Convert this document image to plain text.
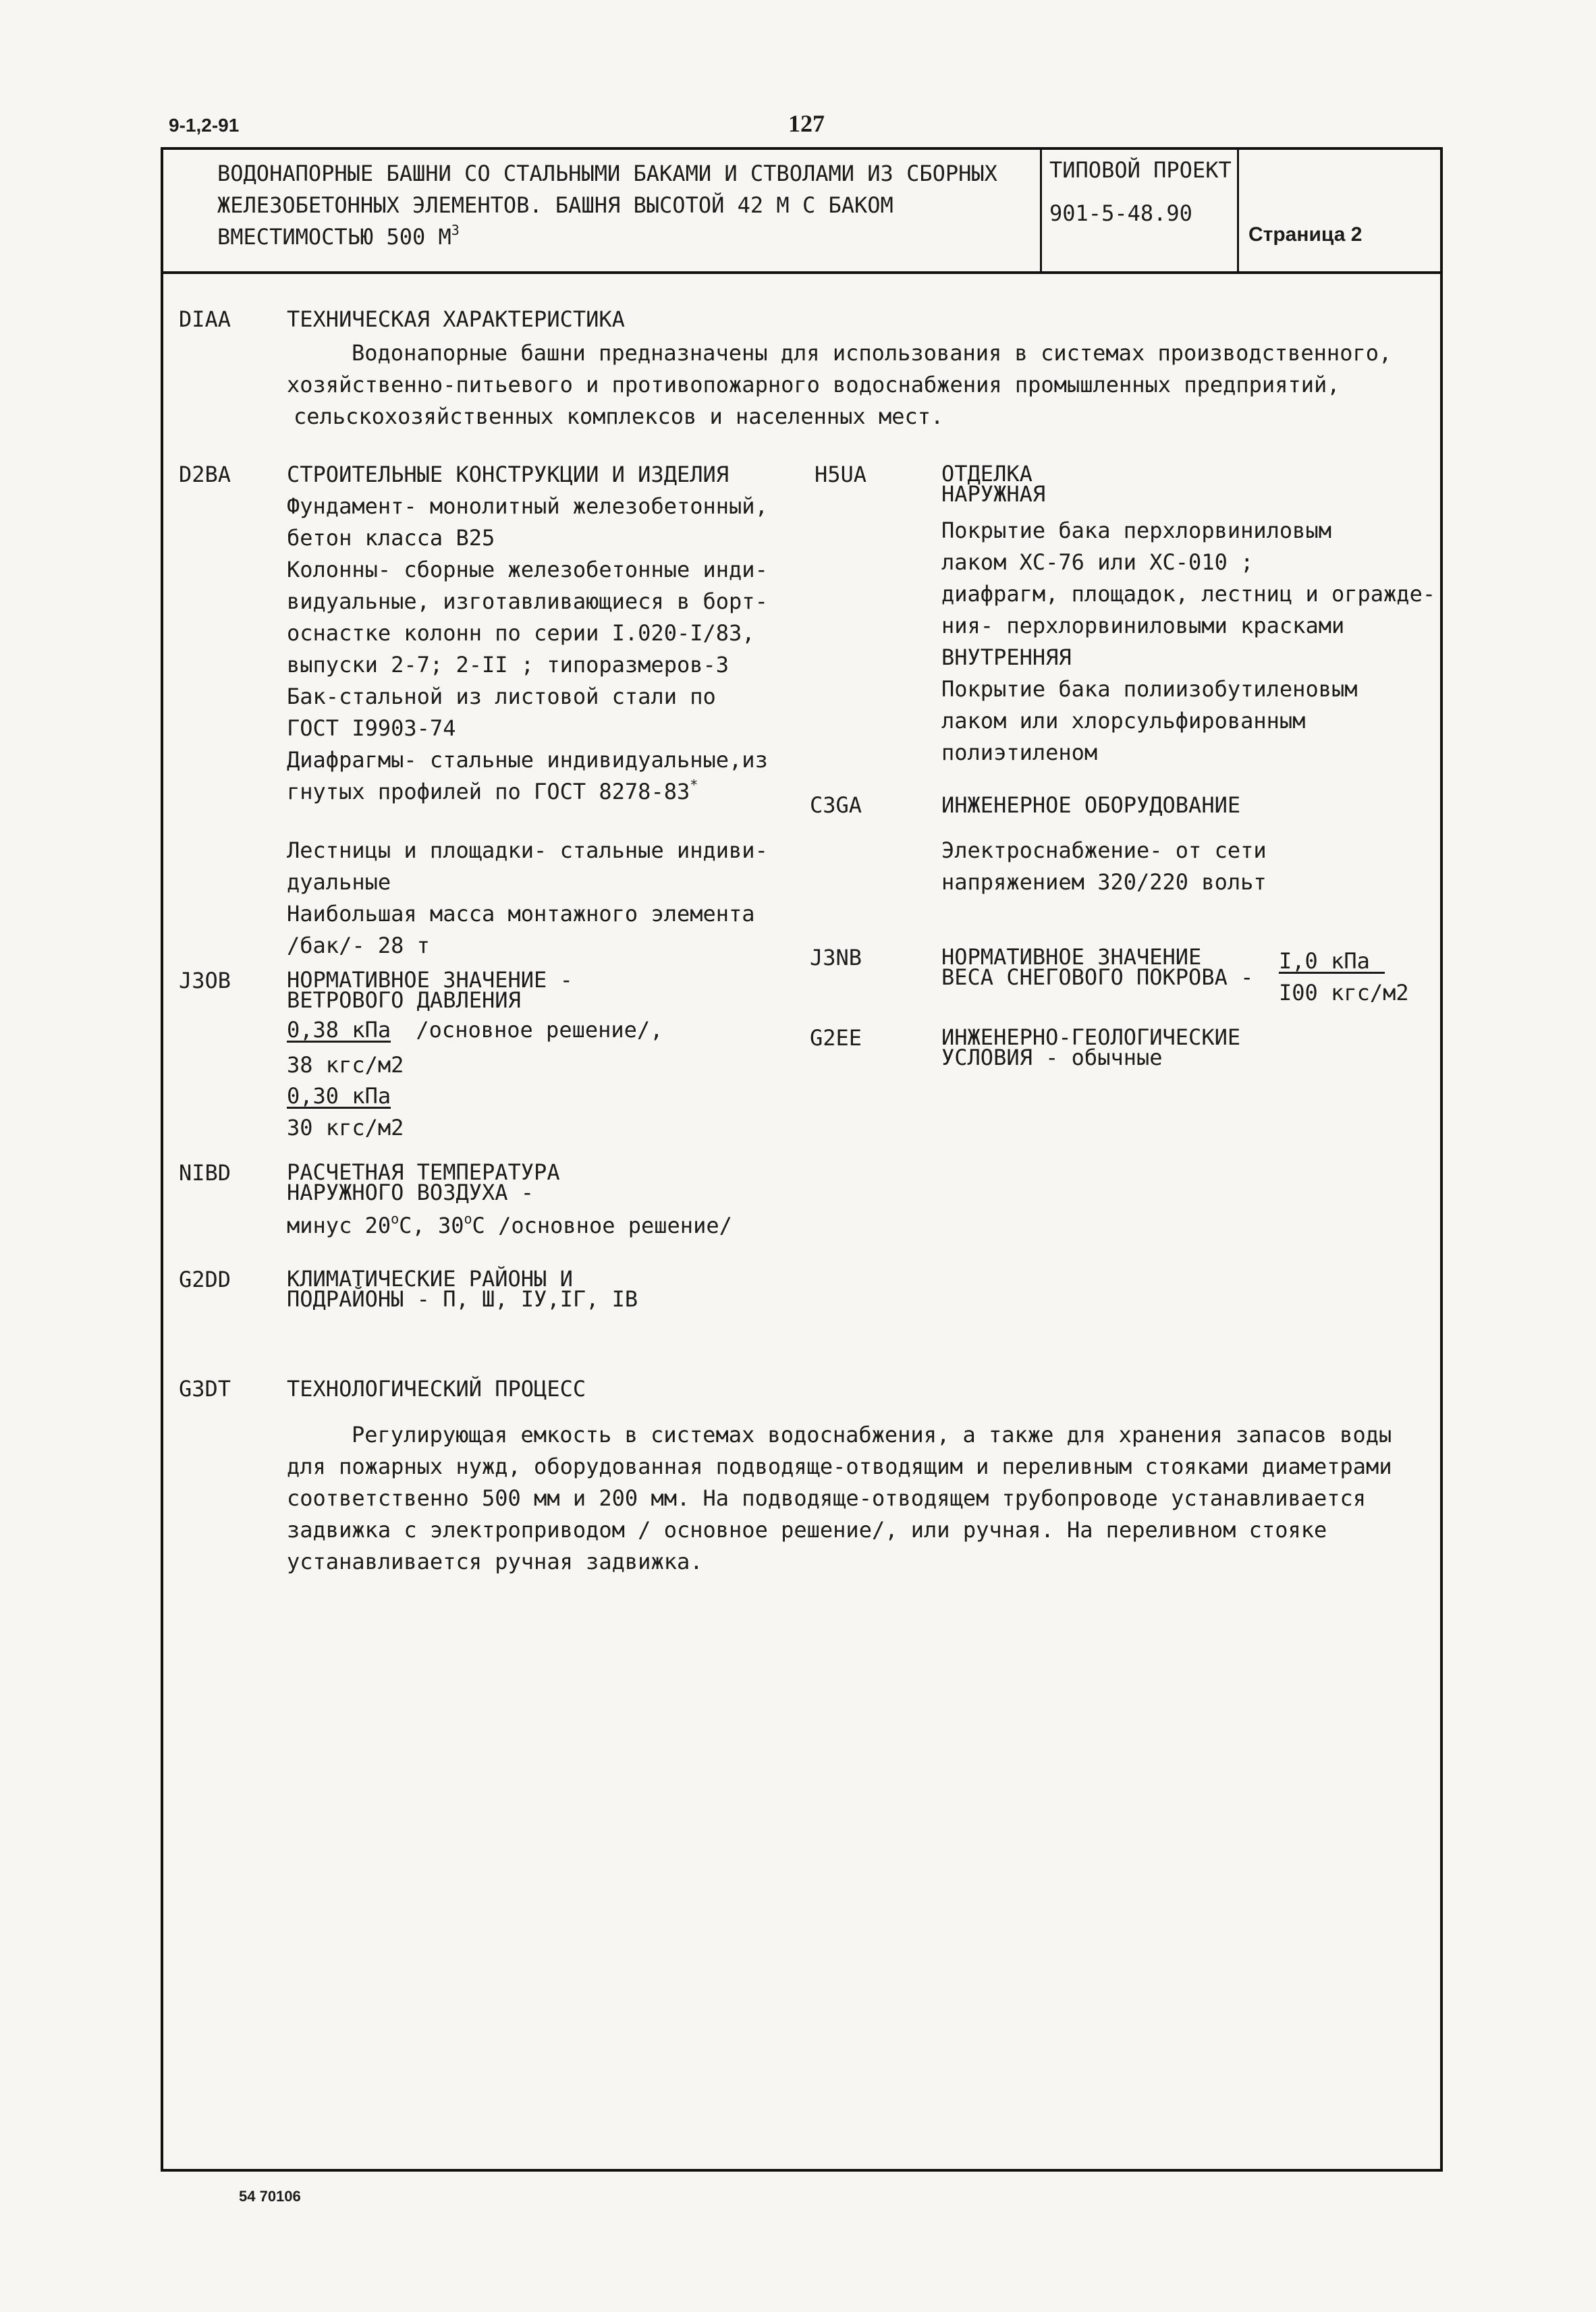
9-1,2-91	127
ВОДОНАПОРНЫЕ БАШНИ СО СТАЛЬНЫМИ БАКАМИ И СТВОЛАМИ ИЗ СБОРНЫХ
ЖЕЛЕЗОБЕТОННЫХ ЭЛЕМЕНТОВ. БАШНЯ ВЫСОТОЙ 42 М С БАКОМ
ВМЕСТИМОСТЬЮ 500 $М^3$
ТИПОВОЙ ПРОЕКТ
901-5-48.90
Страница 2
DIAA	ТЕХНИЧЕСКАЯ ХАРАКТЕРИСТИКА
Водонапорные башни предназначены для использования в системах производственного,
хозяйственно-питьевого и противопожарного водоснабжения промышленных предприятий,
сельскохозяйственных комплексов и населенных мест.
D2BA	СТРОИТЕЛЬНЫЕ КОНСТРУКЦИИ И ИЗДЕЛИЯ
Фундамент- монолитный железобетонный,
бетон класса В25
Колонны- сборные железобетонные инди-
видуальные, изготавливающиеся в борт-
оснастке колонн по серии I.020-I/83,
выпуски 2-7; 2-II ; типоразмеров-3
Бак-стальной из листовой стали по
ГОСТ I9903-74
Диафрагмы- стальные индивидуальные,из
гнутых профилей по ГОСТ 8278-83*
Лестницы и площадки- стальные индиви-
дуальные
Наибольшая масса монтажного элемента
/бак/- 28 т
J3OB	НОРМАТИВНОЕ ЗНАЧЕНИЕ -
ВЕТРОВОГО ДАВЛЕНИЯ
0,38 кПа /основное решение/,
38 кгс/м2
0,30 кПа
30 кгс/м2
NIBD	РАСЧЕТНАЯ ТЕМПЕРАТУРА
НАРУЖНОГО ВОЗДУХА -
минус $20^оС$, $30^оС$ /основное решение/
G2DD	КЛИМАТИЧЕСКИЕ РАЙОНЫ И
ПОДРАЙОНЫ - П, Ш, IУ,IГ, IВ
G3DT	ТЕХНОЛОГИЧЕСКИЙ ПРОЦЕСС
Регулирующая емкость в системах водоснабжения, а также для хранения запасов воды
для пожарных нужд, оборудованная подводяще-отводящим и переливным стояками диаметрами
соответственно 500 мм и 200 мм. На подводяще-отводящем трубопроводе устанавливается
задвижка с электроприводом / основное решение/, или ручная. На переливном стояке
устанавливается ручная задвижка.
H5UA	ОТДЕЛКА
НАРУЖНАЯ
Покрытие бака перхлорвиниловым
лаком ХС-76 или ХС-010 ;
диафрагм, площадок, лестниц и огражде-
ния- перхлорвиниловыми красками
ВНУТРЕННЯЯ
Покрытие бака полиизобутиленовым
лаком или хлорсульфированным
полиэтиленом
C3GA	ИНЖЕНЕРНОЕ ОБОРУДОВАНИЕ
Электроснабжение- от сети
напряжением 320/220 вольт
J3NB	НОРМАТИВНОЕ ЗНАЧЕНИЕ
ВЕСА СНЕГОВОГО ПОКРОВА -
I,0 кПа
I00 кгс/м2
G2EE	ИНЖЕНЕРНО-ГЕОЛОГИЧЕСКИЕ
УСЛОВИЯ - обычные
54 70106
